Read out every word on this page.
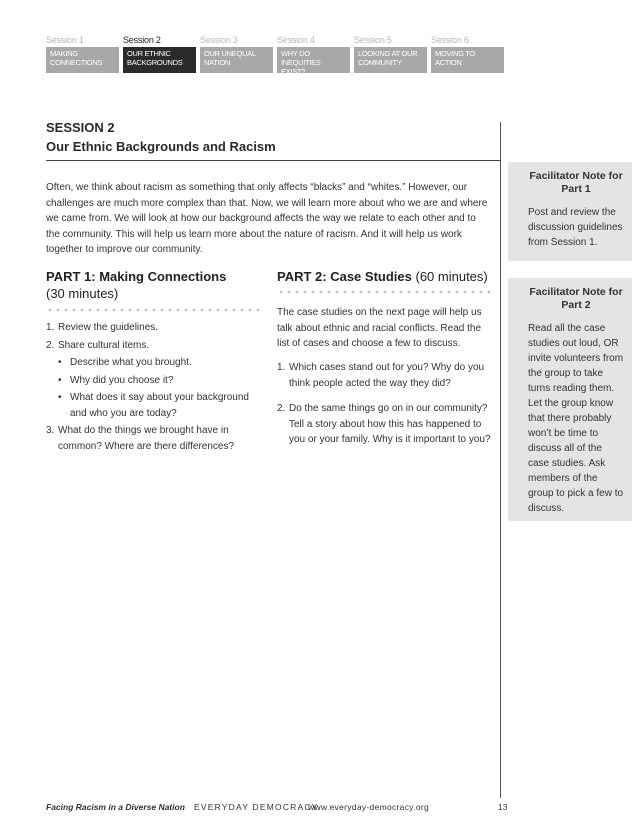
Session 1
MAKING CONNECTIONS
Session 2
OUR ETHNIC BACKGROUNDS
Session 3
OUR UNEQUAL NATION
Session 4
WHY DO INEQUITIES EXIST?
Session 5
LOOKING AT OUR COMMUNITY
Session 6
MOVING TO ACTION
SESSION 2
Our Ethnic Backgrounds and Racism
Often, we think about racism as something that only affects “blacks” and “whites.” However, our challenges are much more complex than that. Now, we will learn more about who we are and where we came from. We will look at how our background affects the way we relate to each other and to the community. This will help us learn more about the nature of racism. And it will help us work together to improve our community.
PART 1: Making Connections
(30 minutes)
1. Review the guidelines.
2. Share cultural items.
• Describe what you brought.
• Why did you choose it?
• What does it say about your background and who you are today?
3. What do the things we brought have in common? Where are there differences?
PART 2: Case Studies (60 minutes)
The case studies on the next page will help us talk about ethnic and racial conflicts. Read the list of cases and choose a few to discuss.
1. Which cases stand out for you? Why do you think people acted the way they did?
2. Do the same things go on in our community? Tell a story about how this has happened to you or your family. Why is it important to you?
Facilitator Note for Part 1
Post and review the discussion guidelines from Session 1.
Facilitator Note for Part 2
Read all the case studies out loud, OR invite volunteers from the group to take turns reading them. Let the group know that there probably won’t be time to discuss all of the case studies. Ask members of the group to pick a few to discuss.
Facing Racism in a Diverse Nation EVERYDAY DEMOCRACY
www.everyday-democracy.org	13
